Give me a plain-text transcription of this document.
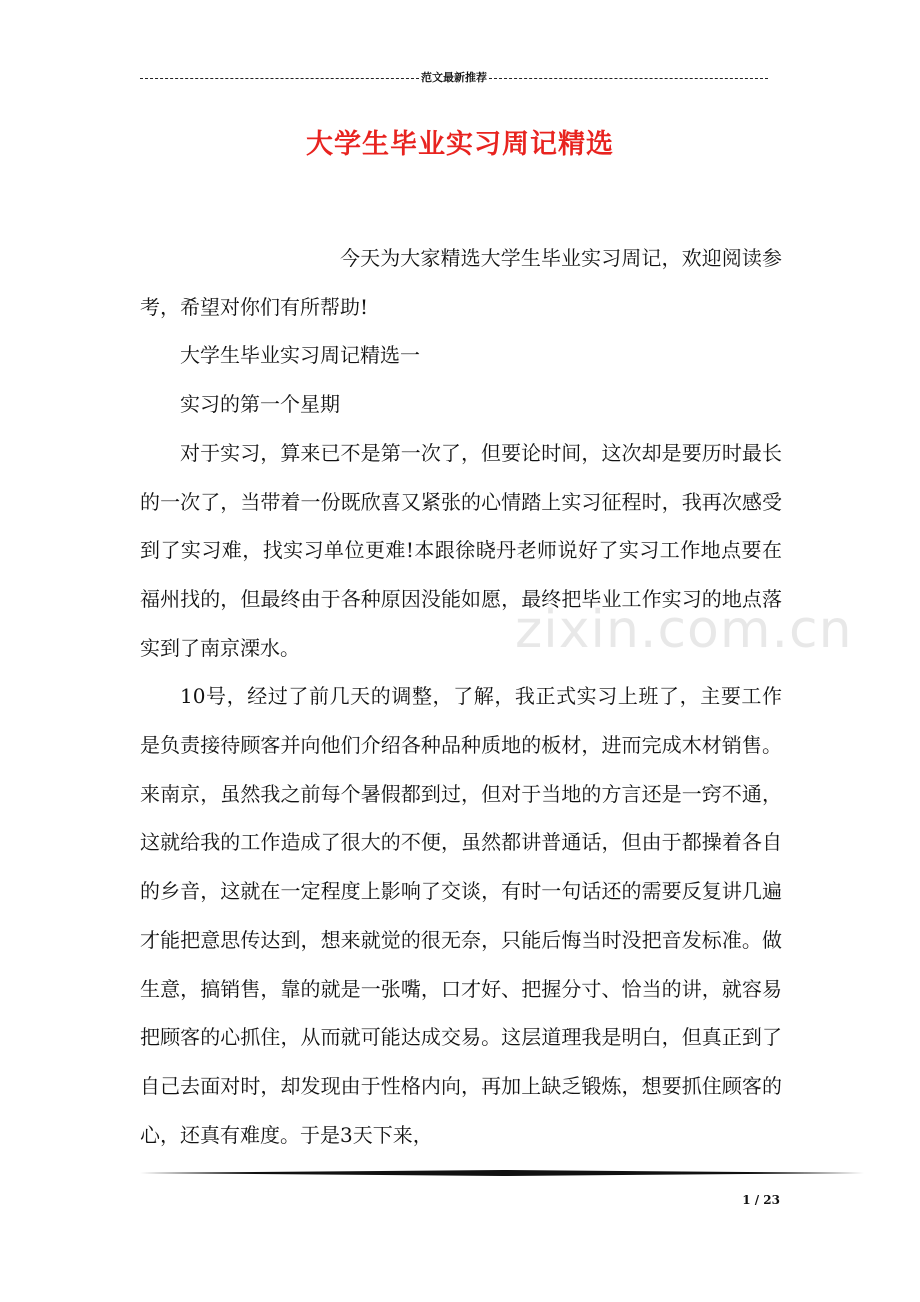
范文最新推荐
大学生毕业实习周记精选

今天为大家精选大学生毕业实习周记，欢迎阅读参考，希望对你们有所帮助!

大学生毕业实习周记精选一

实习的第一个星期

对于实习，算来已不是第一次了，但要论时间，这次却是要历时最长的一次了，当带着一份既欣喜又紧张的心情踏上实习征程时，我再次感受到了实习难，找实习单位更难!本跟徐晓丹老师说好了实习工作地点要在福州找的，但最终由于各种原因没能如愿，最终把毕业工作实习的地点落实到了南京溧水。

10号，经过了前几天的调整，了解，我正式实习上班了，主要工作是负责接待顾客并向他们介绍各种品种质地的板材，进而完成木材销售。来南京，虽然我之前每个暑假都到过，但对于当地的方言还是一窍不通，这就给我的工作造成了很大的不便，虽然都讲普通话，但由于都操着各自的乡音，这就在一定程度上影响了交谈，有时一句话还的需要反复讲几遍才能把意思传达到，想来就觉的很无奈，只能后悔当时没把音发标准。做生意，搞销售，靠的就是一张嘴，口才好、把握分寸、恰当的讲，就容易把顾客的心抓住，从而就可能达成交易。这层道理我是明白，但真正到了自己去面对时，却发现由于性格内向，再加上缺乏锻炼，想要抓住顾客的心，还真有难度。于是3天下来，

zixin.com.cn
1 / 23
